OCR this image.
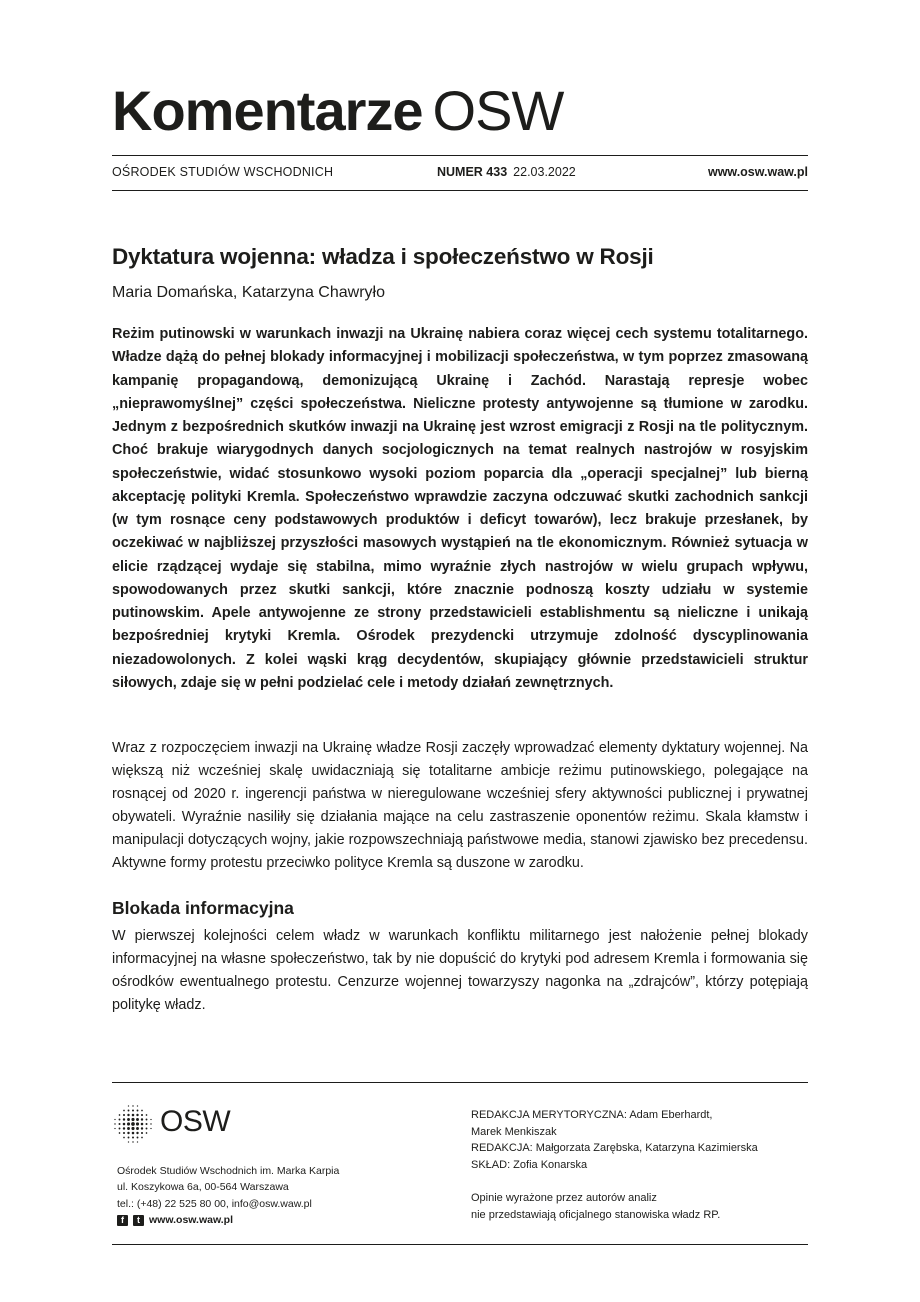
Komentarze OSW
OŚRODEK STUDIÓW WSCHODNICH	NUMER 433 22.03.2022	www.osw.waw.pl
Dyktatura wojenna: władza i społeczeństwo w Rosji
Maria Domańska, Katarzyna Chawryło

Reżim putinowski w warunkach inwazji na Ukrainę nabiera coraz więcej cech systemu totalitarnego. Władze dążą do pełnej blokady informacyjnej i mobilizacji społeczeństwa, w tym poprzez zmasowaną kampanię propagandową, demonizującą Ukrainę i Zachód. Narastają represje wobec „nieprawomyślnej” części społeczeństwa. Nieliczne protesty antywojenne są tłumione w zarodku. Jednym z bezpośrednich skutków inwazji na Ukrainę jest wzrost emigracji z Rosji na tle politycznym. Choć brakuje wiarygodnych danych socjologicznych na temat realnych nastrojów w rosyjskim społeczeństwie, widać stosunkowo wysoki poziom poparcia dla „operacji specjalnej” lub bierną akceptację polityki Kremla. Społeczeństwo wprawdzie zaczyna odczuwać skutki zachodnich sankcji (w tym rosnące ceny podstawowych produktów i deficyt towarów), lecz brakuje przesłanek, by oczekiwać w najbliższej przyszłości masowych wystąpień na tle ekonomicznym. Również sytuacja w elicie rządzącej wydaje się stabilna, mimo wyraźnie złych nastrojów w wielu grupach wpływu, spowodowanych przez skutki sankcji, które znacznie podnoszą koszty udziału w systemie putinowskim. Apele antywojenne ze strony przedstawicieli establishmentu są nieliczne i unikają bezpośredniej krytyki Kremla. Ośrodek prezydencki utrzymuje zdolność dyscyplinowania niezadowolonych. Z kolei wąski krąg decydentów, skupiający głównie przedstawicieli struktur siłowych, zdaje się w pełni podzielać cele i metody działań zewnętrznych.

Wraz z rozpoczęciem inwazji na Ukrainę władze Rosji zaczęły wprowadzać elementy dyktatury wojennej. Na większą niż wcześniej skalę uwidaczniają się totalitarne ambicje reżimu putinowskiego, polegające na rosnącej od 2020 r. ingerencji państwa w nieregulowane wcześniej sfery aktywności publicznej i prywatnej obywateli. Wyraźnie nasiliły się działania mające na celu zastraszenie oponentów reżimu. Skala kłamstw i manipulacji dotyczących wojny, jakie rozpowszechniają państwowe media, stanowi zjawisko bez precedensu. Aktywne formy protestu przeciwko polityce Kremla są duszone w zarodku.

Blokada informacyjna

W pierwszej kolejności celem władz w warunkach konfliktu militarnego jest nałożenie pełnej blokady informacyjnej na własne społeczeństwo, tak by nie dopuścić do krytyki pod adresem Kremla i formowania się ośrodków ewentualnego protestu. Cenzurze wojennej towarzyszy nagonka na „zdrajców”, którzy potępiają politykę władz.

OSW
Ośrodek Studiów Wschodnich im. Marka Karpia
ul. Koszykowa 6a, 00-564 Warszawa
tel.: (+48) 22 525 80 00, info@osw.waw.pl
f	t www.osw.waw.pl
REDAKCJA MERYTORYCZNA: Adam Eberhardt,
Marek Menkiszak
REDAKCJA: Małgorzata Zarębska, Katarzyna Kazimierska
SKŁAD: Zofia Konarska
Opinie wyrażone przez autorów analiz
nie przedstawiają oficjalnego stanowiska władz RP.
